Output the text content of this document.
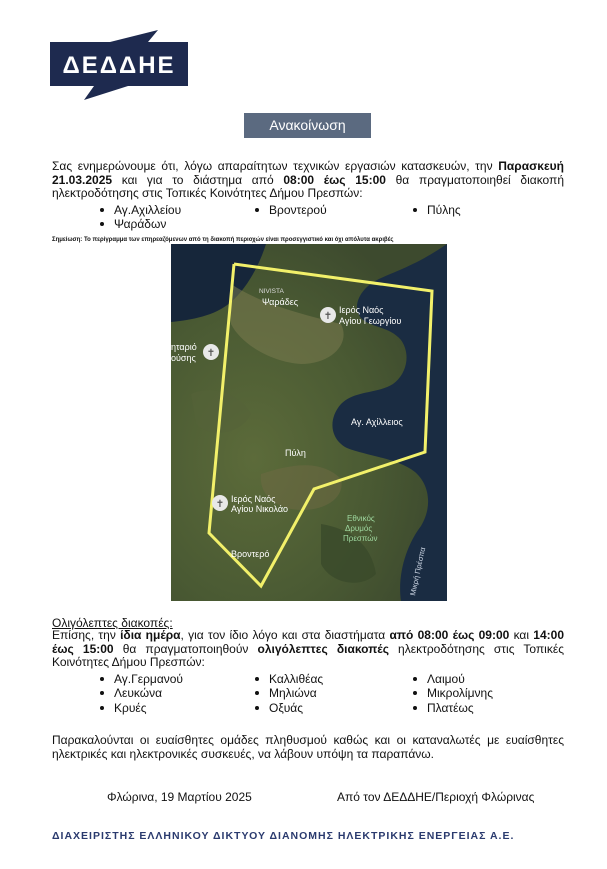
ΔΕΔΔΗΕ
Ανακοίνωση
Σας ενημερώνουμε ότι, λόγω απαραίτητων τεχνικών εργασιών κατασκευών, την Παρασκευή 21.03.2025 και για το διάστημα από 08:00 έως 15:00 θα πραγματοποιηθεί διακοπή ηλεκτροδότησης στις Τοπικές Κοινότητες Δήμου Πρεσπών:
Αγ.Αχιλλείου	Βροντερού	Πύλης
Ψαράδων
Σημείωση: Το περίγραμμα των επηρεαζόμενων από τη διακοπή περιοχών είναι προσεγγιστικό και όχι απόλυτα ακριβές
✝
✝
✝
NIVISTA
Ψαράδες
Ιερός Ναός
Αγίου Γεωργίου
ηταριό
ούσης
Αγ. Αχίλλειος
Πύλη
Ιερός Ναός
Αγίου Νικολάο
Βροντερό
Εθνικός
Δρυμός
Πρεσπών
Μικρή Πρέσπα
Ολιγόλεπτες διακοπές:
Επίσης, την ίδια ημέρα, για τον ίδιο λόγο και στα διαστήματα από 08:00 έως 09:00 και 14:00 έως 15:00 θα πραγματοποιηθούν ολιγόλεπτες διακοπές ηλεκτροδότησης στις Τοπικές Κοινότητες Δήμου Πρεσπών:
Αγ.Γερμανού	Καλλιθέας	Λαιμού
Λευκώνα	Μηλιώνα	Μικρολίμνης
Κρυές	Οξυάς	Πλατέως
Παρακαλούνται οι ευαίσθητες ομάδες πληθυσμού καθώς και οι καταναλωτές με ευαίσθητες ηλεκτρικές και ηλεκτρονικές συσκευές, να λάβουν υπόψη τα παραπάνω.
Φλώρινα, 19 Μαρτίου 2025	Από τον ΔΕΔΔΗΕ/Περιοχή Φλώρινας
ΔΙΑΧΕΙΡΙΣΤΗΣ ΕΛΛΗΝΙΚΟΥ ΔΙΚΤΥΟΥ ΔΙΑΝΟΜΗΣ ΗΛΕΚΤΡΙΚΗΣ ΕΝΕΡΓΕΙΑΣ Α.Ε.
